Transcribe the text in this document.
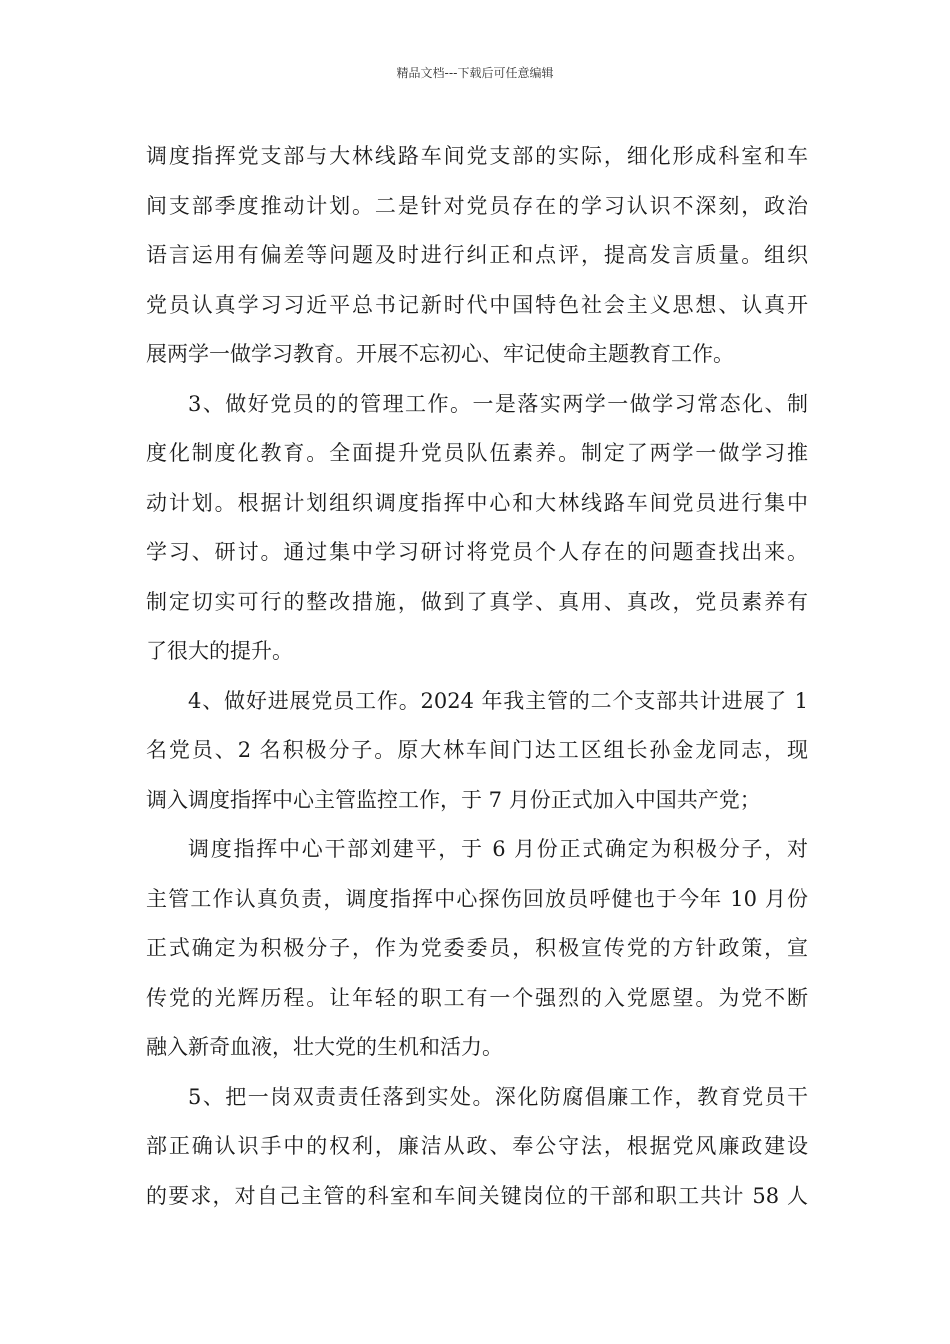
精品文档---下载后可任意编辑
调度指挥党支部与大林线路车间党支部的实际，细化形成科室和车
间支部季度推动计划。二是针对党员存在的学习认识不深刻，政治
语言运用有偏差等问题及时进行纠正和点评，提高发言质量。组织
党员认真学习习近平总书记新时代中国特色社会主义思想、认真开
展两学一做学习教育。开展不忘初心、牢记使命主题教育工作。
3、做好党员的的管理工作。一是落实两学一做学习常态化、制
度化制度化教育。全面提升党员队伍素养。制定了两学一做学习推
动计划。根据计划组织调度指挥中心和大林线路车间党员进行集中
学习、研讨。通过集中学习研讨将党员个人存在的问题查找出来。
制定切实可行的整改措施，做到了真学、真用、真改，党员素养有
了很大的提升。
4、做好进展党员工作。2024 年我主管的二个支部共计进展了 1
名党员、2 名积极分子。原大林车间门达工区组长孙金龙同志，现
调入调度指挥中心主管监控工作，于 7 月份正式加入中国共产党；
调度指挥中心干部刘建平，于 6 月份正式确定为积极分子，对
主管工作认真负责，调度指挥中心探伤回放员呼健也于今年 10 月份
正式确定为积极分子，作为党委委员，积极宣传党的方针政策，宣
传党的光辉历程。让年轻的职工有一个强烈的入党愿望。为党不断
融入新奇血液，壮大党的生机和活力。
5、把一岗双责责任落到实处。深化防腐倡廉工作，教育党员干
部正确认识手中的权利，廉洁从政、奉公守法，根据党风廉政建设
的要求，对自己主管的科室和车间关键岗位的干部和职工共计 58 人
